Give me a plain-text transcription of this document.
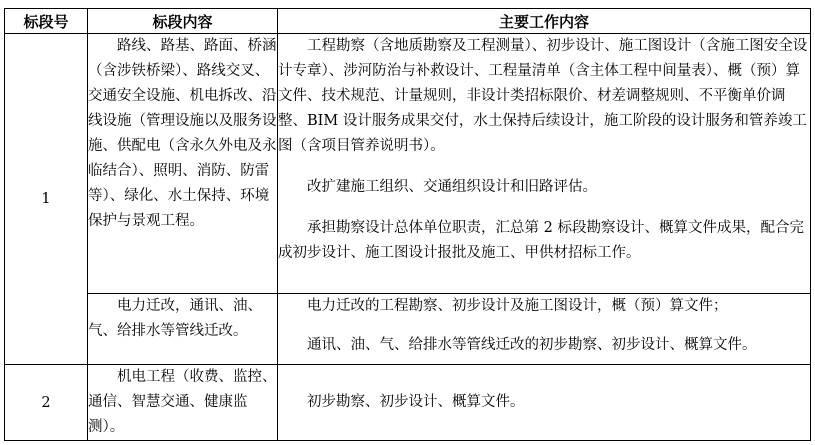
标段号	标段内容	主要工作内容
1	路线、路基、路面、桥涵（含涉铁桥梁）、路线交叉、交通安全设施、机电拆改、沿线设施（管理设施以及服务设施、供配电（含永久外电及永临结合）、照明、消防、防雷等）、绿化、水土保持、环境保护与景观工程。	工程勘察（含地质勘察及工程测量）、初步设计、施工图设计（含施工图安全设计专章）、涉河防治与补救设计、工程量清单（含主体工程中间量表）、概（预）算文件、技术规范、计量规则，非设计类招标限价、材差调整规则、不平衡单价调整、BIM 设计服务成果交付，水土保持后续设计，施工阶段的设计服务和管养竣工图（含项目管养说明书）。

改扩建施工组织、交通组织设计和旧路评估。

承担勘察设计总体单位职责，汇总第 2 标段勘察设计、概算文件成果，配合完成初步设计、施工图设计报批及施工、甲供材招标工作。

	电力迁改，通讯、油、气、给排水等管线迁改。	电力迁改的工程勘察、初步设计及施工图设计，概（预）算文件；

通讯、油、气、给排水等管线迁改的初步勘察、初步设计、概算文件。

2	机电工程（收费、监控、通信、智慧交通、健康监测）。	初步勘察、初步设计、概算文件。
